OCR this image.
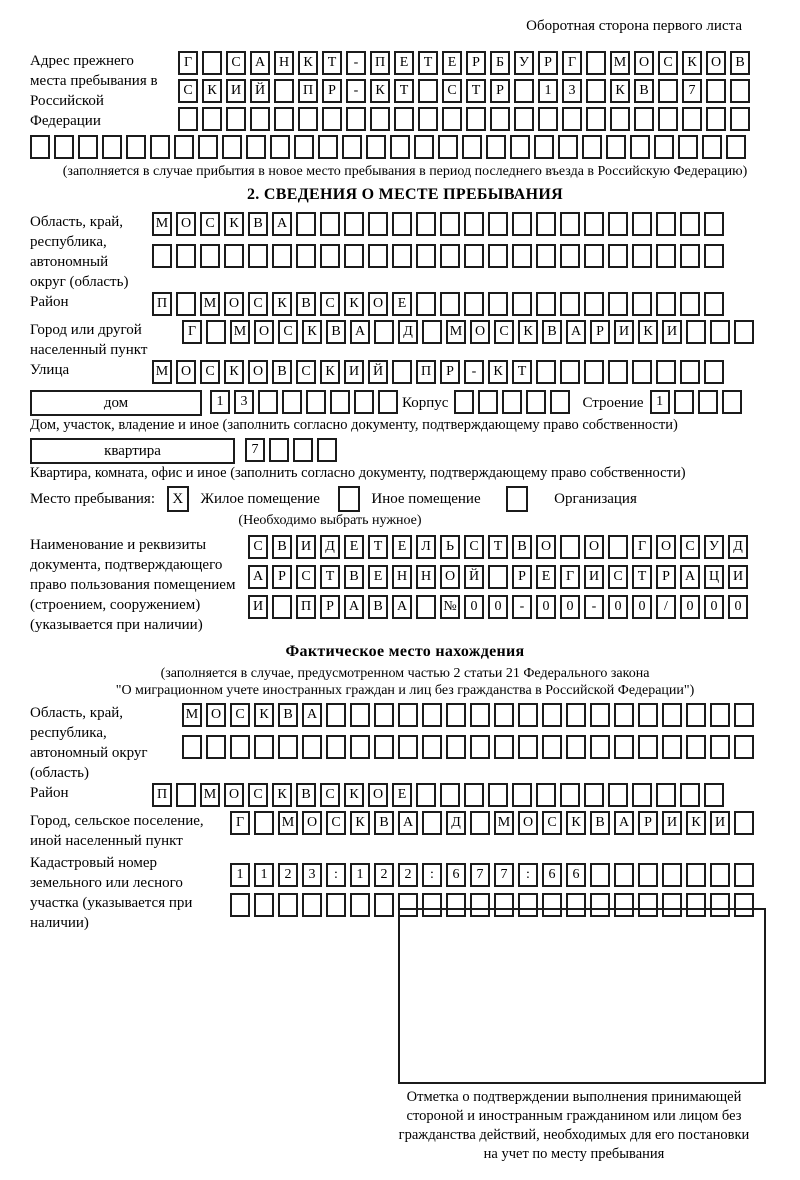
Оборотная сторона первого листа
Адрес прежнего места пребывания в Российской Федерации
Г	С А Н К Т - П Е Т Е Р Б У Р Г	М О С К О В
С К И Й	П Р - К Т	С Т Р	1 3	К В	7
(заполняется в случае прибытия в новое место пребывания в период последнего въезда в Российскую Федерацию)
2. СВЕДЕНИЯ О МЕСТЕ ПРЕБЫВАНИЯ
Область, край, республика, автономный округ (область)
М О С К В А
Район	П	М О С К В С К О Е
Город или другой населенный пункт
Г	М О С К В А	Д	М О С К В А Р И К И
Улица	М О С К О В С К И Й	П Р - К Т
дом	1 3	Корпус	Строение 1
Дом, участок, владение и иное (заполнить согласно документу, подтверждающему право собственности)
квартира	7
Квартира, комната, офис и иное (заполнить согласно документу, подтверждающему право собственности)
Место пребывания: X Жилое помещение	Иное помещение	Организация
(Необходимо выбрать нужное)
Наименование и реквизиты документа, подтверждающего право пользования помещением (строением, сооружением) (указывается при наличии)
С В И Д Е Т Е Л Ь С Т В О	О	Г О С У Д
А Р С Т В Е Н Н О Й	Р Е Г И С Т Р А Ц И
И	П Р А В А	№ 0 0 - 0 0 - 0 0 / 0 0 0
Фактическое место нахождения
(заполняется в случае, предусмотренном частью 2 статьи 21 Федерального закона
"О миграционном учете иностранных граждан и лиц без гражданства в Российской Федерации")
Область, край, республика, автономный округ (область)
М О С К В А
Район	П	М О С К В С К О Е
Город, сельское поселение, иной населенный пункт
Г	М О С К В А	Д	М О С К В А Р И К И
Кадастровый номер земельного или лесного участка (указывается при наличии)
1 1 2 3 : 1 2 2 : 6 7 7 : 6 6
Отметка о подтверждении выполнения принимающей
стороной и иностранным гражданином или лицом без
гражданства действий, необходимых для его постановки
на учет по месту пребывания
